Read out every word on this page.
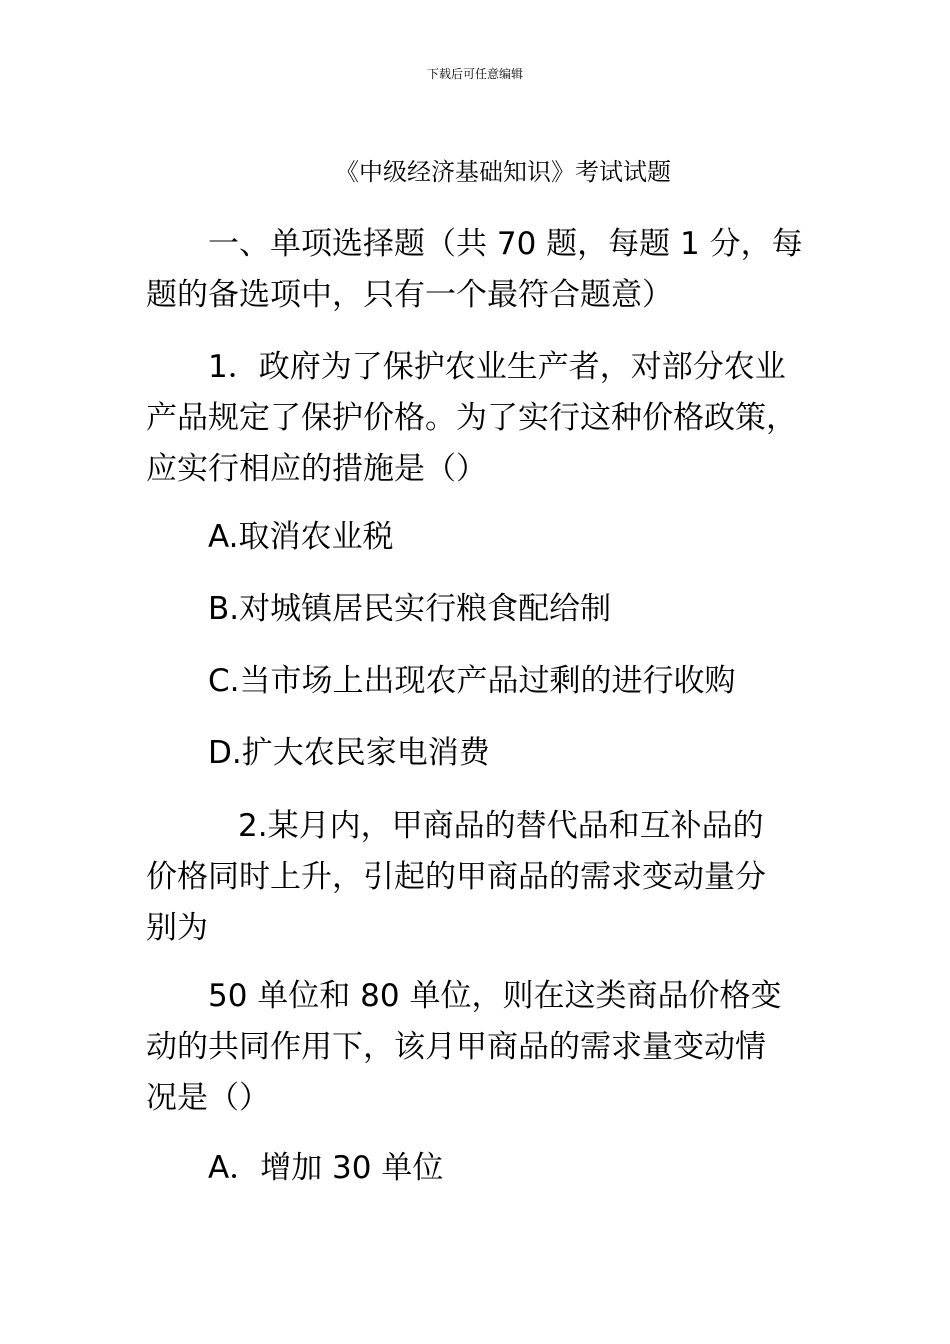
下载后可任意编辑
《中级经济基础知识》考试试题
一、单项选择题（共 70 题，每题 1 分，每
题的备选项中，只有一个最符合题意）
1．政府为了保护农业生产者，对部分农业
产品规定了保护价格。为了实行这种价格政策，
应实行相应的措施是（）
A.取消农业税
B.对城镇居民实行粮食配给制
C.当市场上出现农产品过剩的进行收购
D.扩大农民家电消费
2.某月内，甲商品的替代品和互补品的
价格同时上升，引起的甲商品的需求变动量分
别为
50 单位和 80 单位，则在这类商品价格变
动的共同作用下，该月甲商品的需求量变动情
况是（）
A．增加 30 单位
